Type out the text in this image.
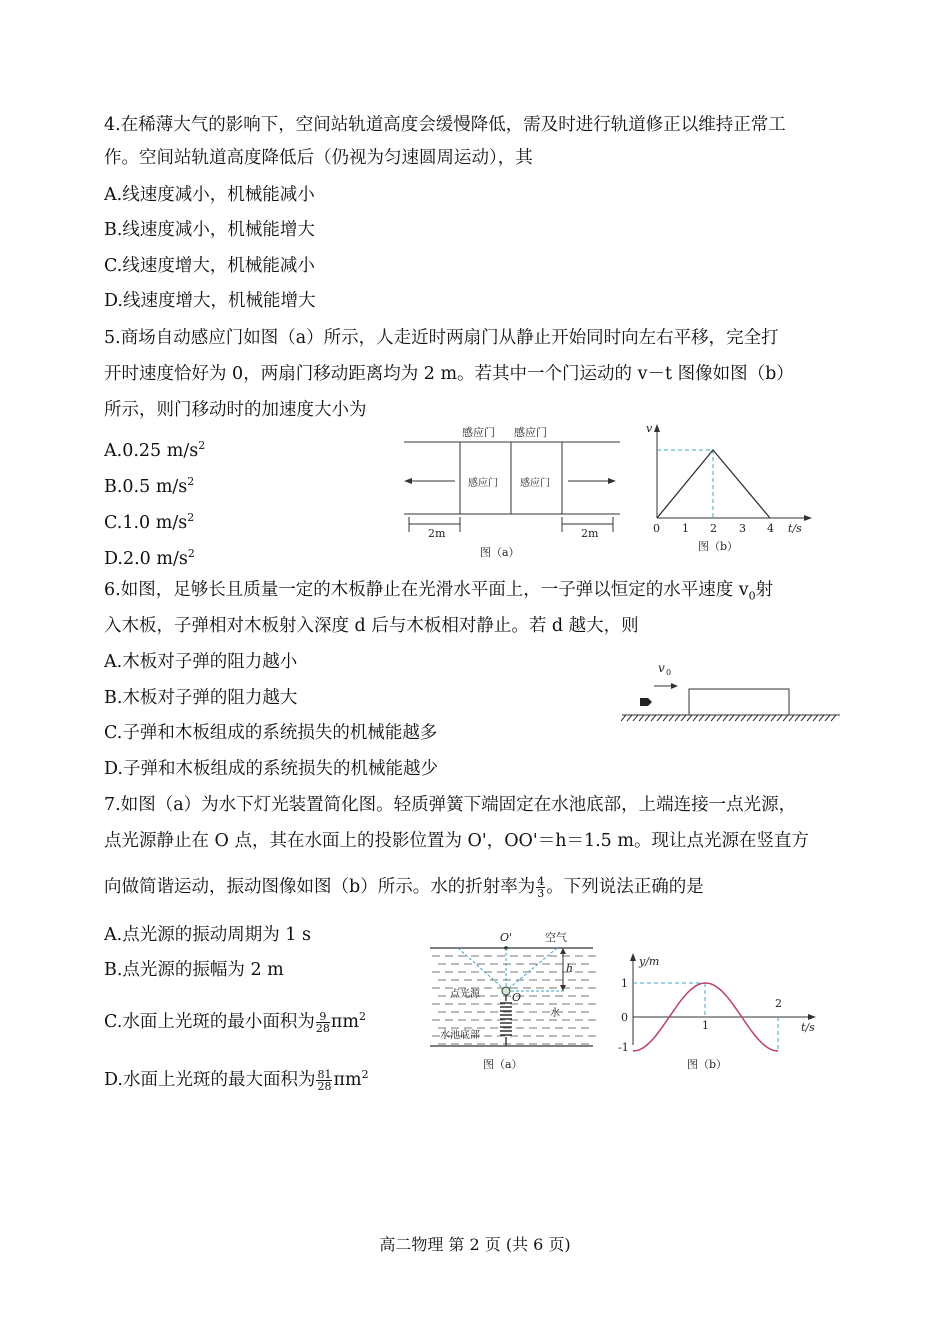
4.在稀薄大气的影响下，空间站轨道高度会缓慢降低，需及时进行轨道修正以维持正常工
作。空间站轨道高度降低后（仍视为匀速圆周运动），其
A.线速度减小，机械能减小
B.线速度减小，机械能增大
C.线速度增大，机械能减小
D.线速度增大，机械能增大
5.商场自动感应门如图（a）所示，人走近时两扇门从静止开始同时向左右平移，完全打
开时速度恰好为 0，两扇门移动距离均为 2 m。若其中一个门运动的 v－t 图像如图（b）
所示，则门移动时的加速度大小为
A.0.25 $m/s^2$
B.0.5 $m/s^2$
C.1.0 $m/s^2$
D.2.0 $m/s^2$
感应门 感应门
感应门 感应门
2m	2m
图（a）
v
0 1 2 3 4 t/s
图（b）
6.如图，足够长且质量一定的木板静止在光滑水平面上，一子弹以恒定的水平速度 $v_0$射
入木板，子弹相对木板射入深度 d 后与木板相对静止。若 d 越大，则
A.木板对子弹的阻力越小
B.木板对子弹的阻力越大
C.子弹和木板组成的系统损失的机械能越多
D.子弹和木板组成的系统损失的机械能越少
v 0
7.如图（a）为水下灯光装置简化图。轻质弹簧下端固定在水池底部，上端连接一点光源，
点光源静止在 O 点，其在水面上的投影位置为 O'，OO'＝h＝1.5 m。现让点光源在竖直方
向做简谐运动，振动图像如图（b）所示。水的折射率为 $\frac{4}{3}$ 。下列说法正确的是
A.点光源的振动周期为 1 s
B.点光源的振幅为 2 m
C.水面上光斑的最小面积为 $\frac{9}{28} \pi m^2$
D.水面上光斑的最大面积为 $\frac{81}{28} \pi m^2$
O'	空气
h
O
点光源
水
水池底部
图（a）
y/m
1
0
-1
1
2
t/s
图（b）
高二物理 第 2 页 (共 6 页)
